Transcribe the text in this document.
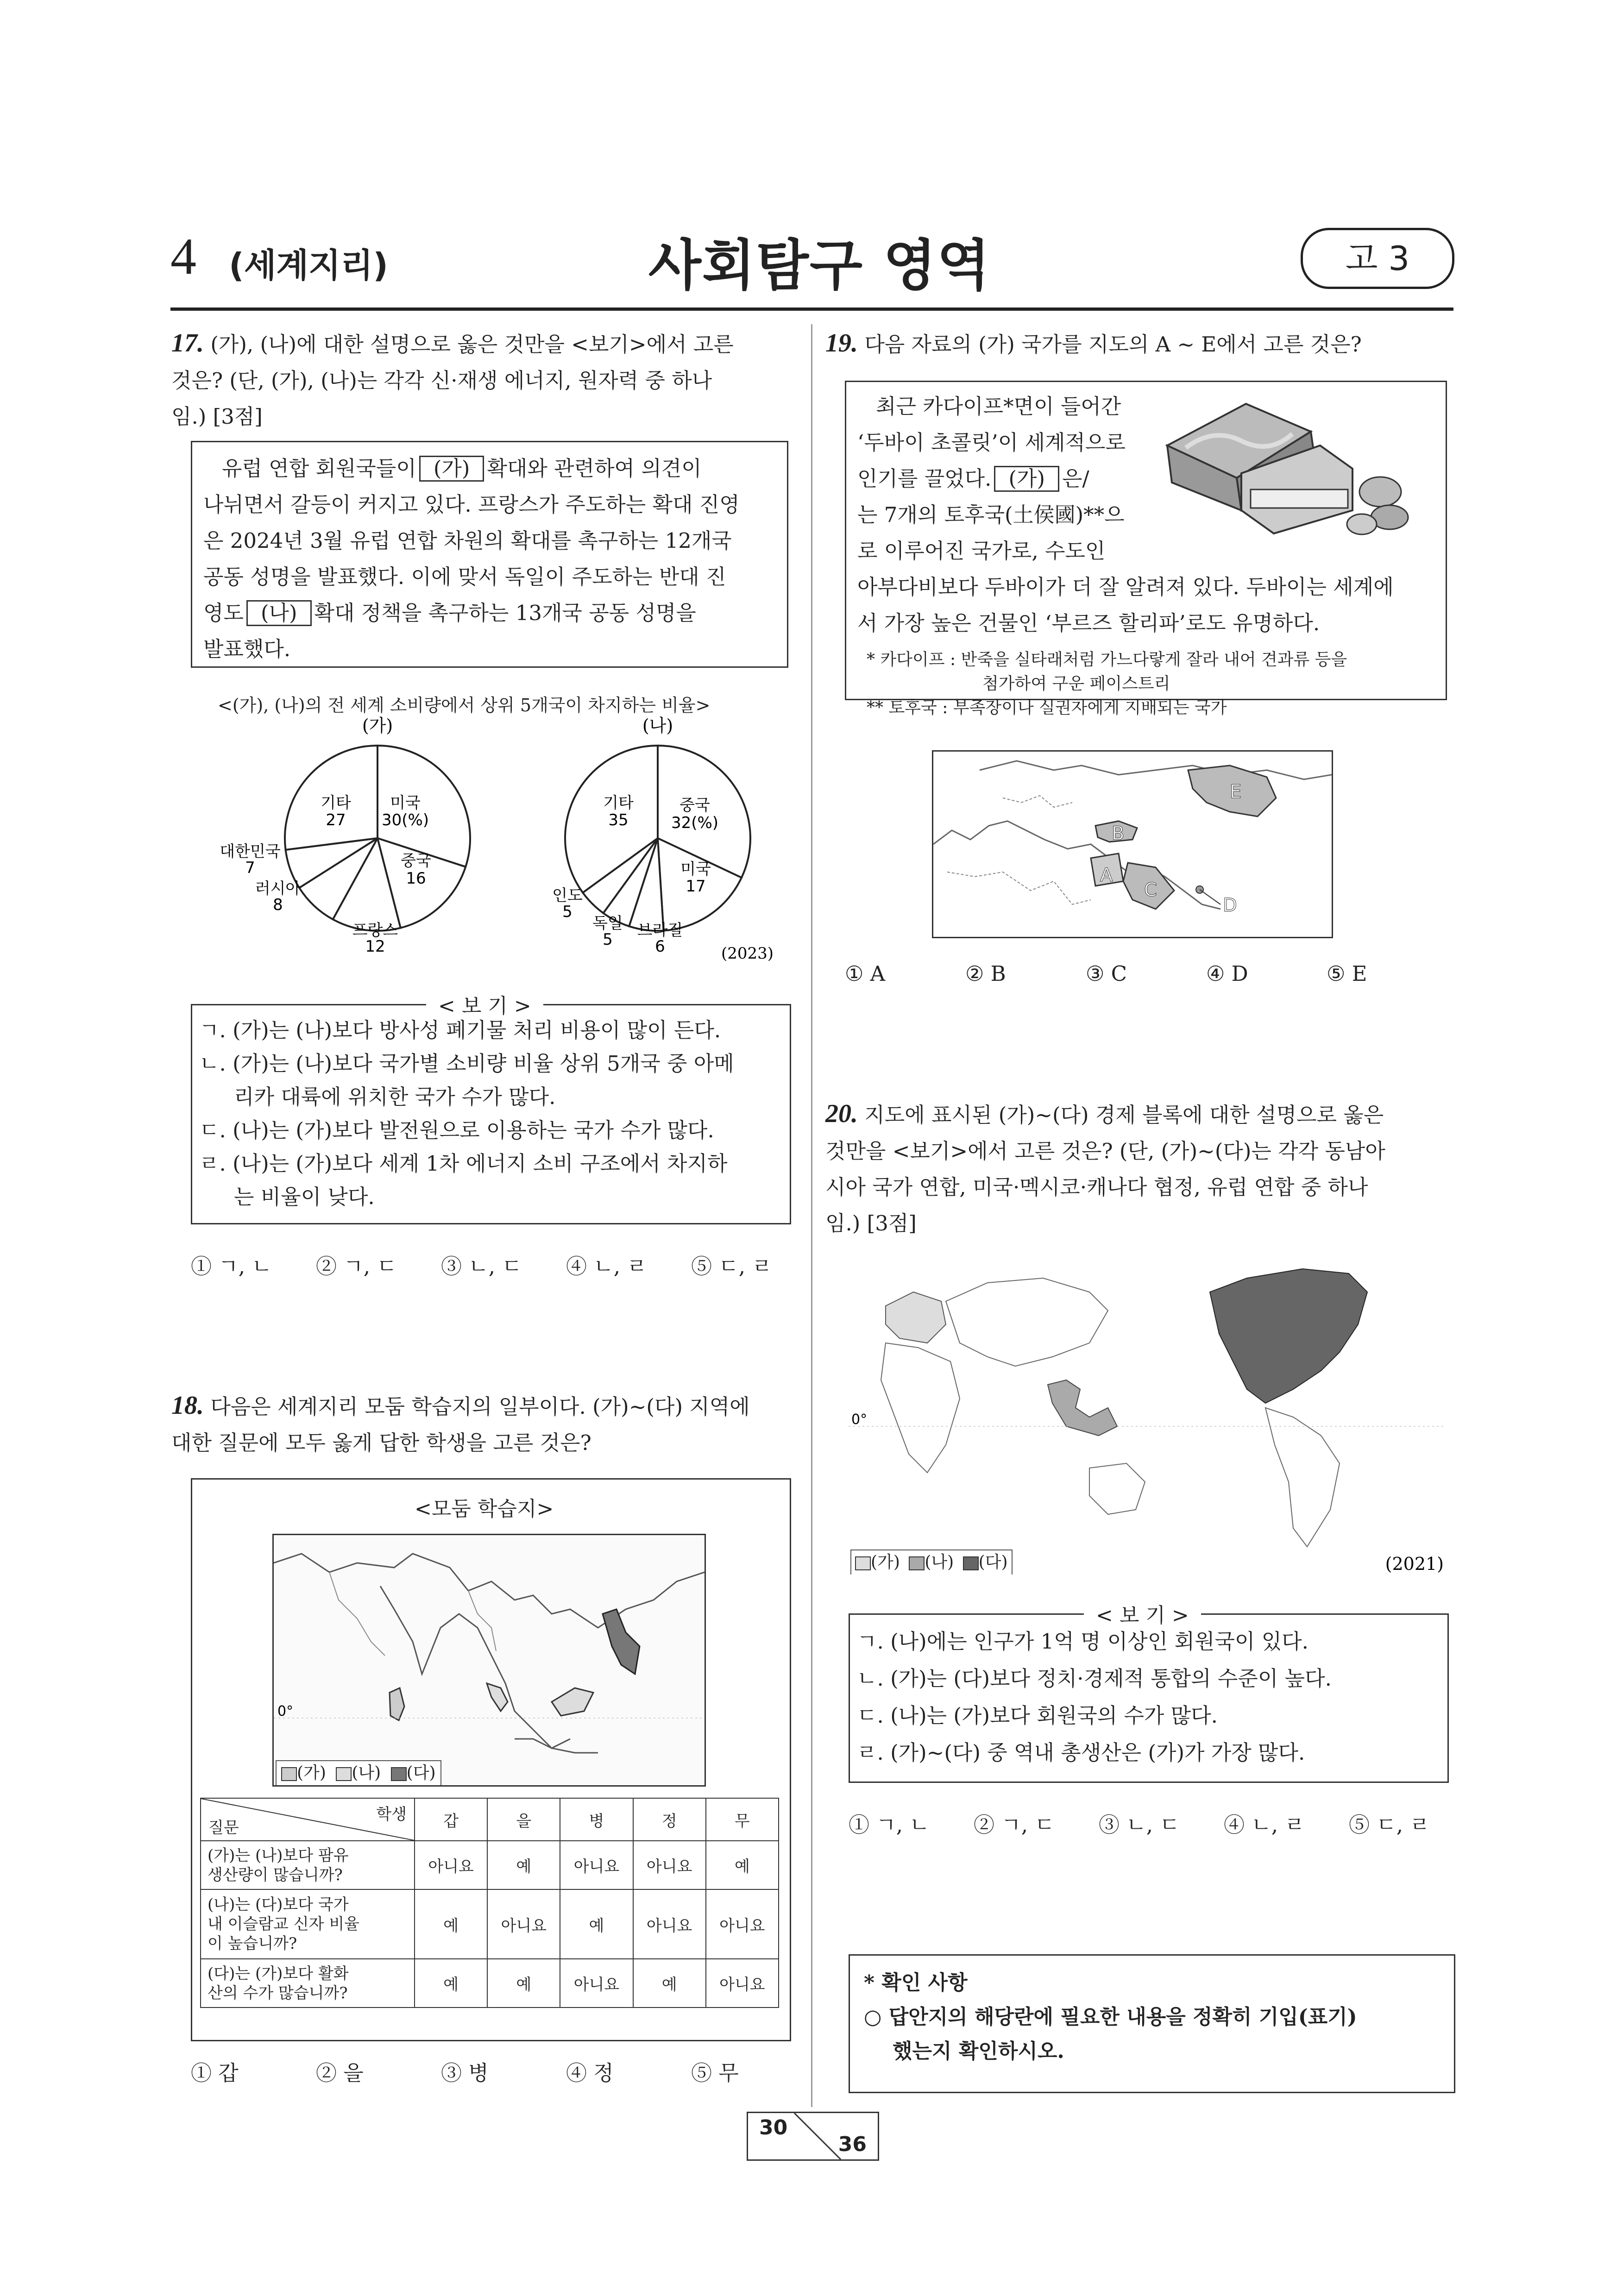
4 (세계지리)	사회탐구 영역	고 3
17. (가), (나)에 대한 설명으로 옳은 것만을 <보기>에서 고른
것은? (단, (가), (나)는 각각 신·재생 에너지, 원자력 중 하나
임.) [3점]
유럽 연합 회원국들이 (가) 확대와 관련하여 의견이
나뉘면서 갈등이 커지고 있다. 프랑스가 주도하는 확대 진영
은 2024년 3월 유럽 연합 차원의 확대를 촉구하는 12개국
공동 성명을 발표했다. 이에 맞서 독일이 주도하는 반대 진
영도 (나) 확대 정책을 촉구하는 13개국 공동 성명을
발표했다.
<(가), (나)의 전 세계 소비량에서 상위 5개국이 차지하는 비율>
(가)	(나)
기타
27
미국
30(%)
중국
16
대한민국
7
러시아
8
프랑스
12
기타
35
중국
32(%)
미국
17
인도
5
독일
5 브라질
6	(2023)
< 보 기 >
ㄱ. (가)는 (나)보다 방사성 폐기물 처리 비용이 많이 든다.
ㄴ. (가)는 (나)보다 국가별 소비량 비율 상위 5개국 중 아메
리카 대륙에 위치한 국가 수가 많다.
ㄷ. (나)는 (가)보다 발전원으로 이용하는 국가 수가 많다.
ㄹ. (나)는 (가)보다 세계 1차 에너지 소비 구조에서 차지하
는 비율이 낮다.
① ㄱ, ㄴ	② ㄱ, ㄷ	③ ㄴ, ㄷ	④ ㄴ, ㄹ	⑤ ㄷ, ㄹ
18. 다음은 세계지리 모둠 학습지의 일부이다. (가)~(다) 지역에
대한 질문에 모두 옳게 답한 학생을 고른 것은?
<모둠 학습지>
0°
(가) (나) (다)
학생
질문	갑	을	병	정	무
(가)는 (나)보다 팜유
생산량이 많습니까?	아니요	예	아니요	아니요	예
(나)는 (다)보다 국가
내 이슬람교 신자 비율
이 높습니까?	예	아니요	예	아니요	아니요
(다)는 (가)보다 활화
산의 수가 많습니까?	예	예	아니요	예	아니요
① 갑	② 을	③ 병	④ 정	⑤ 무
19. 다음 자료의 (가) 국가를 지도의 A ~ E에서 고른 것은?
최근 카다이프*면이 들어간
‘두바이 초콜릿’이 세계적으로
인기를 끌었다. (가) 은/
는 7개의 토후국(土侯國)**으
로 이루어진 국가로, 수도인
아부다비보다 두바이가 더 잘 알려져 있다. 두바이는 세계에
서 가장 높은 건물인 ‘부르즈 할리파’로도 유명하다.
* 카다이프 : 반죽을 실타래처럼 가느다랗게 잘라 내어 견과류 등을
첨가하여 구운 페이스트리
** 토후국 : 부족장이나 실권자에게 지배되는 국가
A
B
C
D
E
① A	② B	③ C	④ D	⑤ E
20. 지도에 표시된 (가)~(다) 경제 블록에 대한 설명으로 옳은
것만을 <보기>에서 고른 것은? (단, (가)~(다)는 각각 동남아
시아 국가 연합, 미국·멕시코·캐나다 협정, 유럽 연합 중 하나
임.) [3점]
0°
(2021)
(가) (나) (다)
< 보 기 >
ㄱ. (나)에는 인구가 1억 명 이상인 회원국이 있다.
ㄴ. (가)는 (다)보다 정치·경제적 통합의 수준이 높다.
ㄷ. (나)는 (가)보다 회원국의 수가 많다.
ㄹ. (가)~(다) 중 역내 총생산은 (가)가 가장 많다.
① ㄱ, ㄴ	② ㄱ, ㄷ	③ ㄴ, ㄷ	④ ㄴ, ㄹ	⑤ ㄷ, ㄹ
* 확인 사항
○ 답안지의 해당란에 필요한 내용을 정확히 기입(표기)
했는지 확인하시오.
30
36
